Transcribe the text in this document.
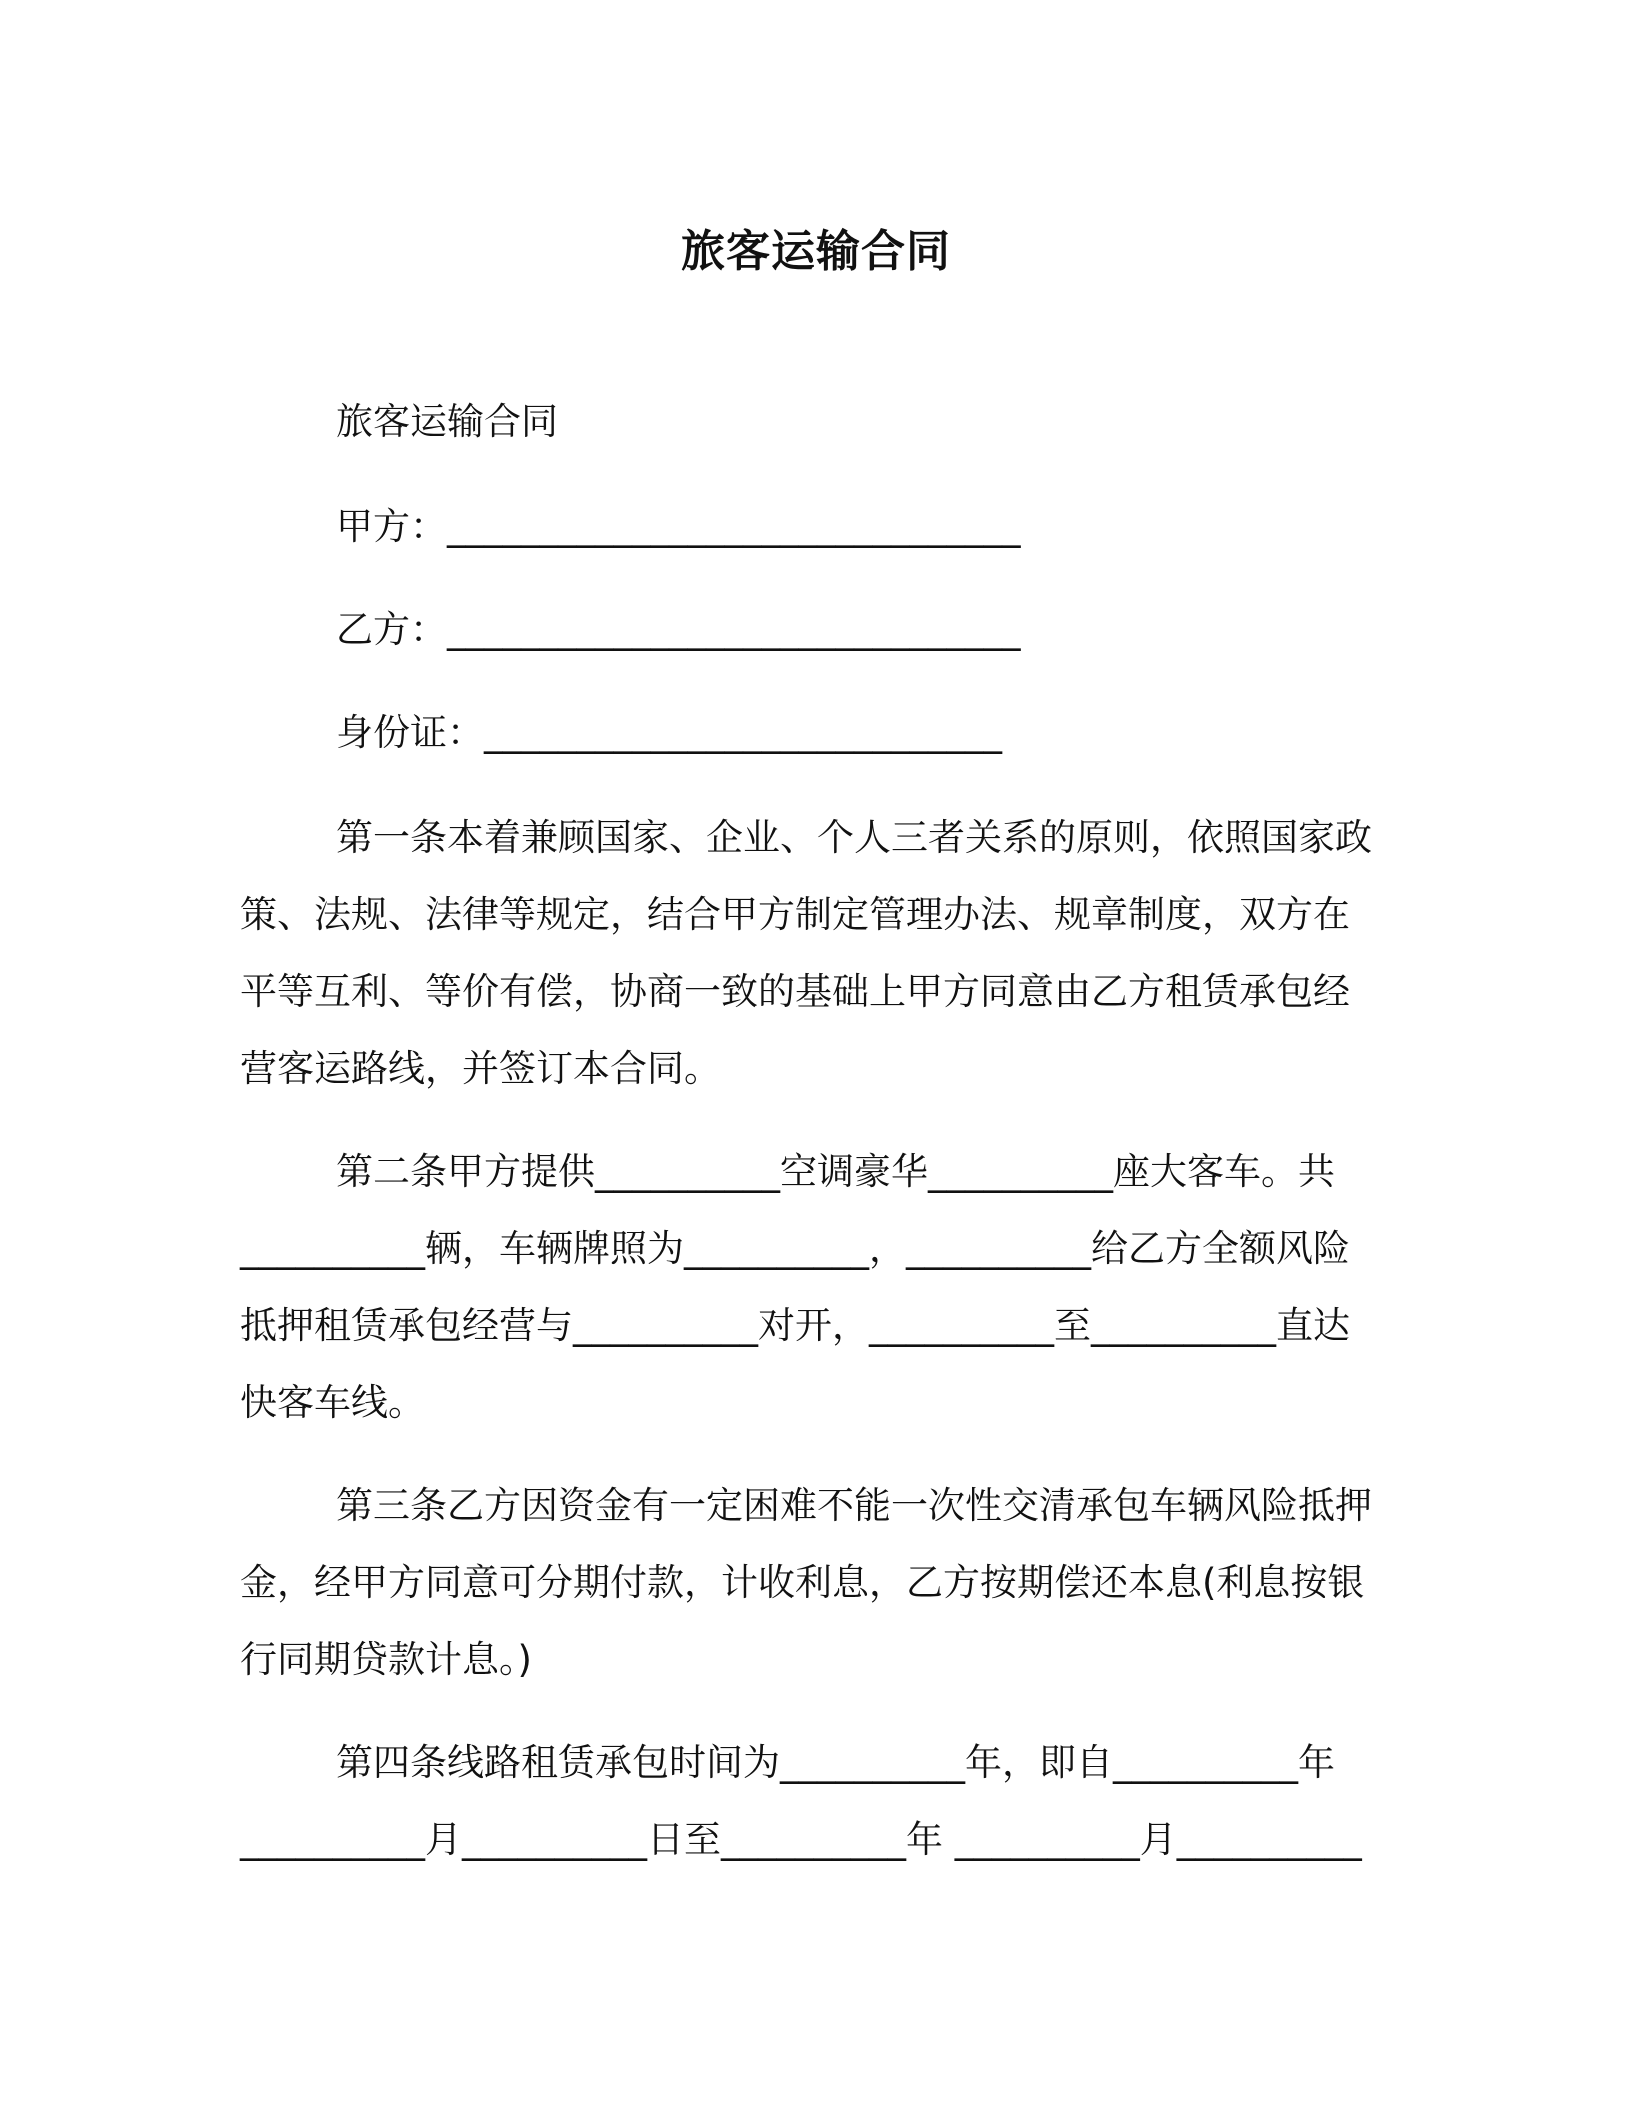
旅客运输合同
旅客运输合同
甲方：_______________________________
乙方：_______________________________
身份证：____________________________
第一条本着兼顾国家、企业、个人三者关系的原则，依照国家政
策、法规、法律等规定，结合甲方制定管理办法、规章制度，双方在
平等互利、等价有偿，协商一致的基础上甲方同意由乙方租赁承包经
营客运路线，并签订本合同。
第二条甲方提供__________空调豪华__________座大客车。共
__________辆，车辆牌照为__________，__________给乙方全额风险
抵押租赁承包经营与__________对开，__________至__________直达
快客车线。
第三条乙方因资金有一定困难不能一次性交清承包车辆风险抵押
金，经甲方同意可分期付款，计收利息，乙方按期偿还本息(利息按银
行同期贷款计息。)
第四条线路租赁承包时间为__________年，即自__________年
__________月__________日至__________年 __________月__________
